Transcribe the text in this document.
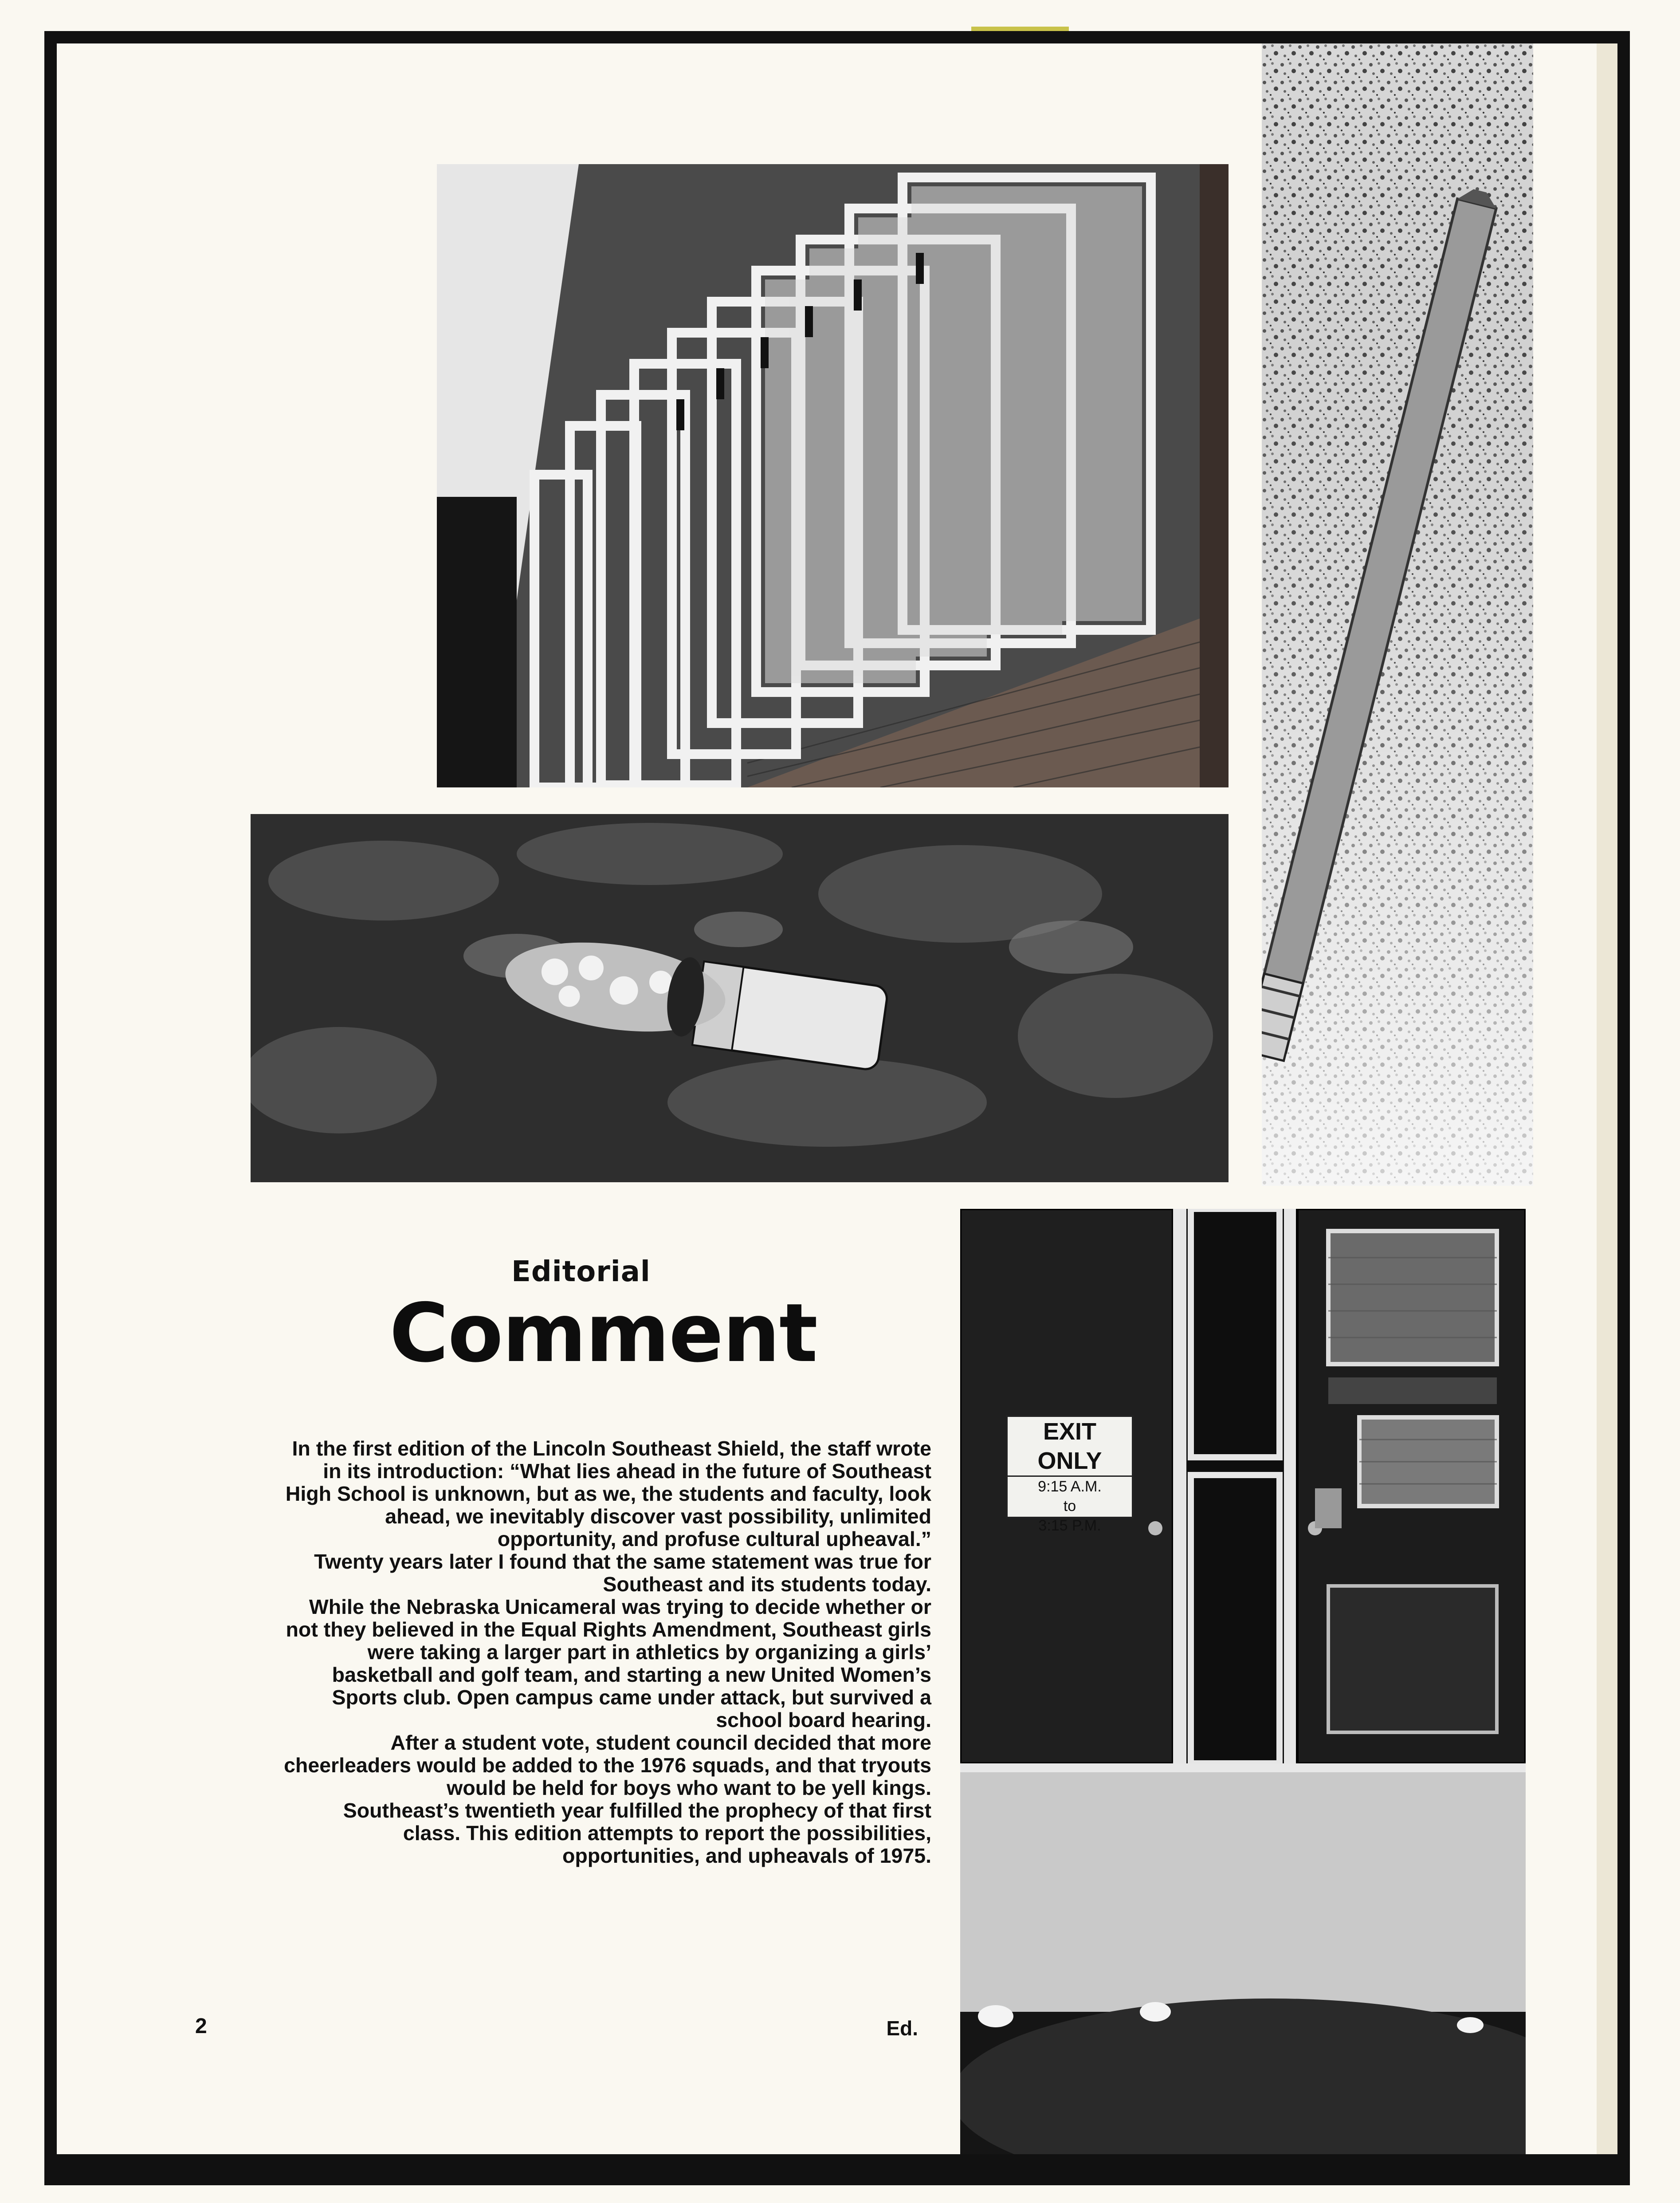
EXIT ONLY
9:15 A.M.
to
3:15 P.M.
Editorial
Comment

In the first edition of the Lincoln Southeast Shield, the staff wrote in its introduction: “What lies ahead in the future of Southeast High School is unknown, but as we, the students and faculty, look ahead, we inevitably discover vast possibility, unlimited opportunity, and profuse cultural upheaval.”

Twenty years later I found that the same statement was true for Southeast and its students today.

While the Nebraska Unicameral was trying to decide whether or not they believed in the Equal Rights Amendment, Southeast girls were taking a larger part in athletics by organizing a girls’ basketball and golf team, and starting a new United Women’s Sports club. Open campus came under attack, but survived a school board hearing.

After a student vote, student council decided that more cheerleaders would be added to the 1976 squads, and that tryouts would be held for boys who want to be yell kings.

Southeast’s twentieth year fulfilled the prophecy of that first class. This edition attempts to report the possibilities, opportunities, and upheavals of 1975.

Ed.
2
